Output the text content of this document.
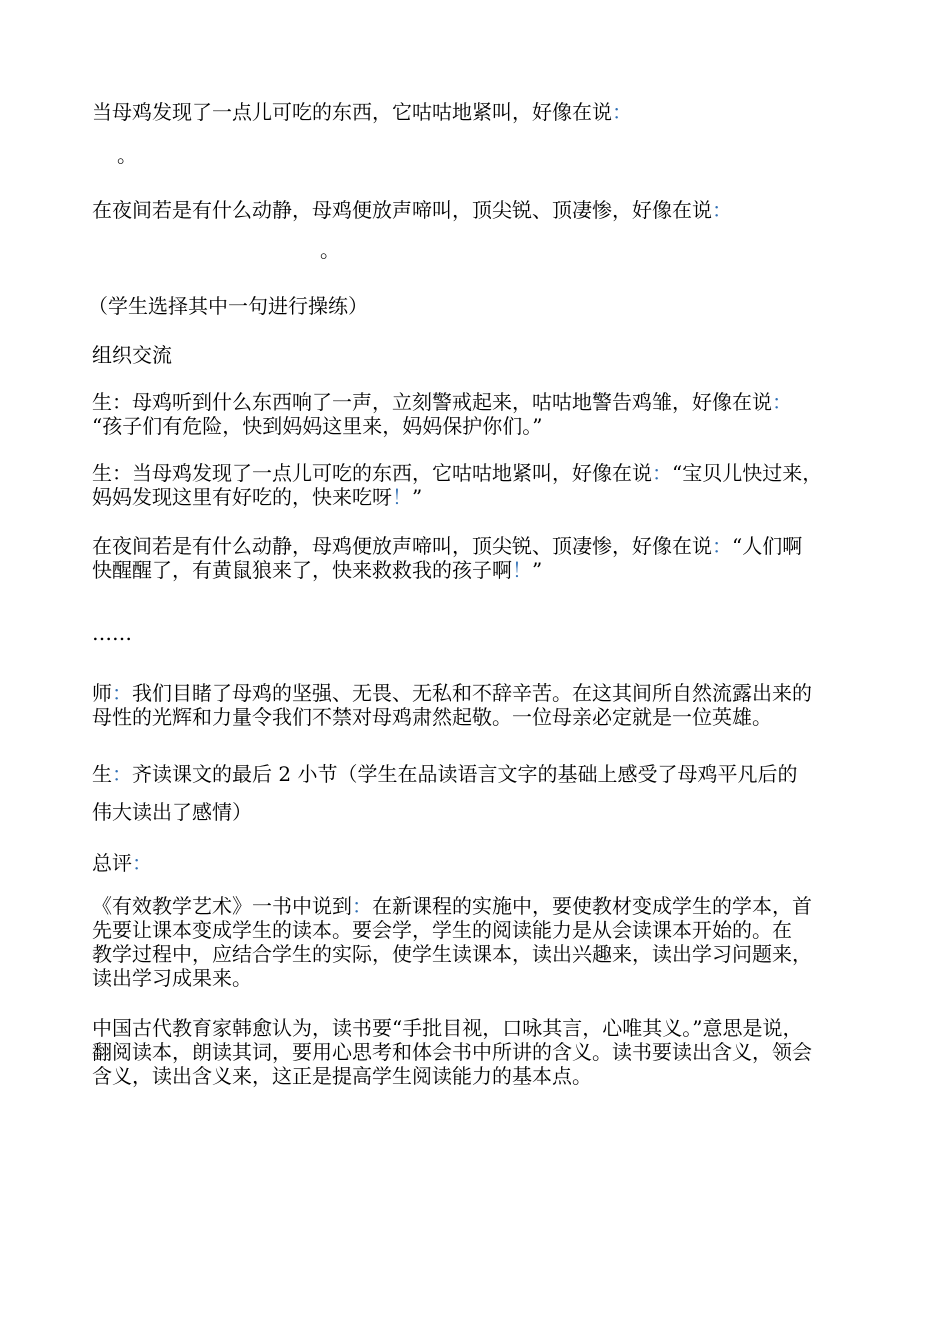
当母鸡发现了一点儿可吃的东西，它咕咕地紧叫，好像在说：
。
在夜间若是有什么动静，母鸡便放声啼叫，顶尖锐、顶凄惨，好像在说：
。
（学生选择其中一句进行操练）
组织交流
生：母鸡听到什么东西响了一声，立刻警戒起来，咕咕地警告鸡雏，好像在说：
“孩子们有危险，快到妈妈这里来，妈妈保护你们。”
生：当母鸡发现了一点儿可吃的东西，它咕咕地紧叫，好像在说：“宝贝儿快过来，
妈妈发现这里有好吃的，快来吃呀！”
在夜间若是有什么动静，母鸡便放声啼叫，顶尖锐、顶凄惨，好像在说：“人们啊
快醒醒了，有黄鼠狼来了，快来救救我的孩子啊！”
……
师：我们目睹了母鸡的坚强、无畏、无私和不辞辛苦。在这其间所自然流露出来的
母性的光辉和力量令我们不禁对母鸡肃然起敬。一位母亲必定就是一位英雄。
生：齐读课文的最后 2 小节（学生在品读语言文字的基础上感受了母鸡平凡后的
伟大读出了感情）
总评：
《有效教学艺术》一书中说到：在新课程的实施中，要使教材变成学生的学本，首
先要让课本变成学生的读本。要会学，学生的阅读能力是从会读课本开始的。在
教学过程中，应结合学生的实际，使学生读课本，读出兴趣来，读出学习问题来，
读出学习成果来。
中国古代教育家韩愈认为，读书要“手批目视，口咏其言，心唯其义。”意思是说，
翻阅读本，朗读其词，要用心思考和体会书中所讲的含义。读书要读出含义，领会
含义，读出含义来，这正是提高学生阅读能力的基本点。
